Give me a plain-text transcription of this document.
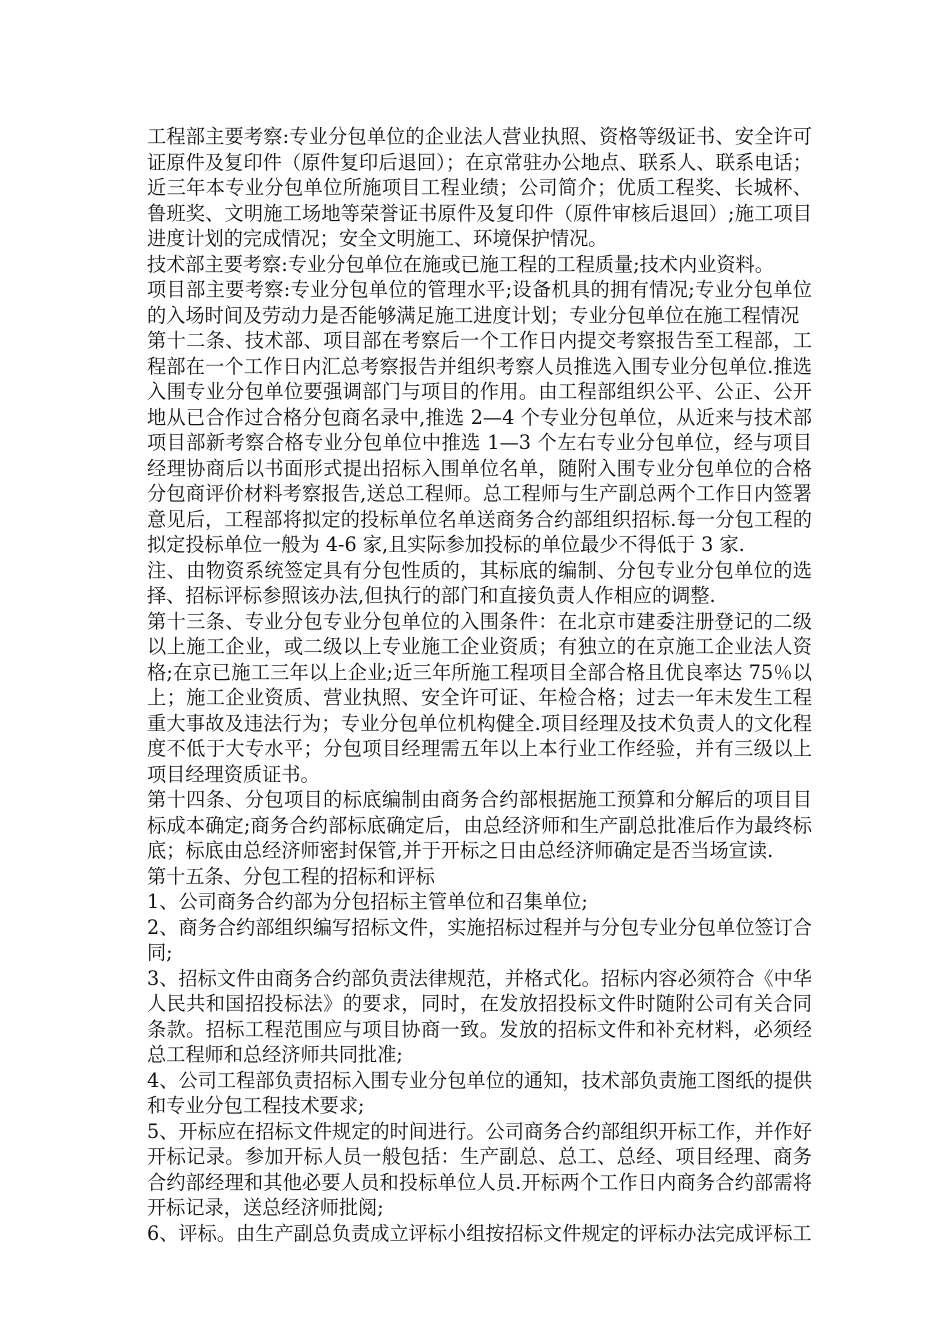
工程部主要考察:专业分包单位的企业法人营业执照、资格等级证书、安全许可证原件及复印件（原件复印后退回）；在京常驻办公地点、联系人、联系电话；近三年本专业分包单位所施项目工程业绩；公司简介；优质工程奖、长城杯、鲁班奖、文明施工场地等荣誉证书原件及复印件（原件审核后退回）;施工项目进度计划的完成情况；安全文明施工、环境保护情况。

技术部主要考察:专业分包单位在施或已施工程的工程质量;技术内业资料。

项目部主要考察:专业分包单位的管理水平;设备机具的拥有情况;专业分包单位的入场时间及劳动力是否能够满足施工进度计划；专业分包单位在施工程情况

第十二条、技术部、项目部在考察后一个工作日内提交考察报告至工程部，工程部在一个工作日内汇总考察报告并组织考察人员推选入围专业分包单位.推选入围专业分包单位要强调部门与项目的作用。由工程部组织公平、公正、公开地从已合作过合格分包商名录中,推选 2—4 个专业分包单位，从近来与技术部项目部新考察合格专业分包单位中推选 1—3 个左右专业分包单位，经与项目经理协商后以书面形式提出招标入围单位名单，随附入围专业分包单位的合格分包商评价材料考察报告,送总工程师。总工程师与生产副总两个工作日内签署意见后，工程部将拟定的投标单位名单送商务合约部组织招标.每一分包工程的拟定投标单位一般为 4-6 家,且实际参加投标的单位最少不得低于 3 家.

注、由物资系统签定具有分包性质的，其标底的编制、分包专业分包单位的选择、招标评标参照该办法,但执行的部门和直接负责人作相应的调整.

第十三条、专业分包专业分包单位的入围条件：在北京市建委注册登记的二级以上施工企业，或二级以上专业施工企业资质；有独立的在京施工企业法人资格;在京已施工三年以上企业;近三年所施工程项目全部合格且优良率达 75％以上；施工企业资质、营业执照、安全许可证、年检合格；过去一年未发生工程重大事故及违法行为；专业分包单位机构健全.项目经理及技术负责人的文化程度不低于大专水平；分包项目经理需五年以上本行业工作经验，并有三级以上项目经理资质证书。

第十四条、分包项目的标底编制由商务合约部根据施工预算和分解后的项目目标成本确定;商务合约部标底确定后，由总经济师和生产副总批准后作为最终标底；标底由总经济师密封保管,并于开标之日由总经济师确定是否当场宣读.

第十五条、分包工程的招标和评标

1、公司商务合约部为分包招标主管单位和召集单位;

2、商务合约部组织编写招标文件，实施招标过程并与分包专业分包单位签订合同;

3、招标文件由商务合约部负责法律规范，并格式化。招标内容必须符合《中华人民共和国招投标法》的要求，同时，在发放招投标文件时随附公司有关合同条款。招标工程范围应与项目协商一致。发放的招标文件和补充材料，必须经总工程师和总经济师共同批准;

4、公司工程部负责招标入围专业分包单位的通知，技术部负责施工图纸的提供和专业分包工程技术要求;

5、开标应在招标文件规定的时间进行。公司商务合约部组织开标工作，并作好开标记录。参加开标人员一般包括：生产副总、总工、总经、项目经理、商务合约部经理和其他必要人员和投标单位人员.开标两个工作日内商务合约部需将开标记录，送总经济师批阅;

6、评标。由生产副总负责成立评标小组按招标文件规定的评标办法完成评标工
